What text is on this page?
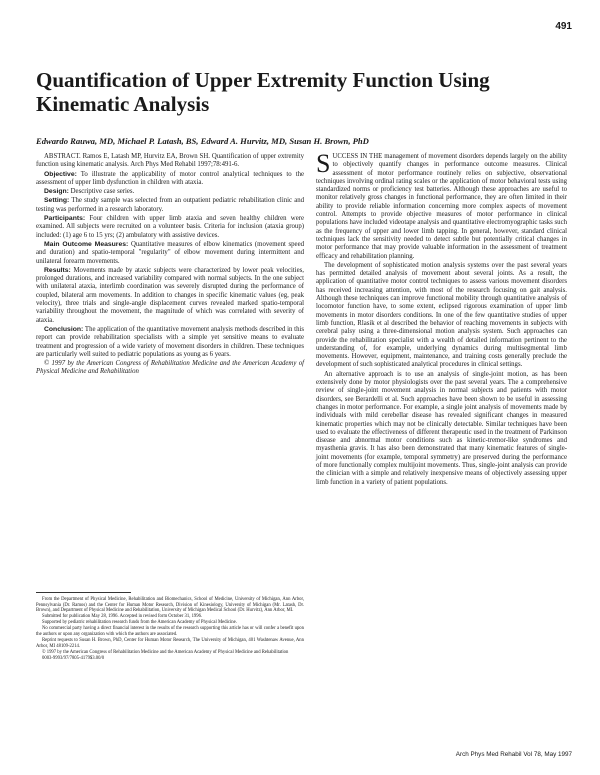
491
Quantification of Upper Extremity Function Using Kinematic Analysis
Edwardo Rauwa, MD, Michael P. Latash, BS, Edward A. Hurvitz, MD, Susan H. Brown, PhD

ABSTRACT. Ramos E, Latash MP, Hurvitz EA, Brown SH. Quantification of upper extremity function using kinematic analysis. Arch Phys Med Rehabil 1997;78:491-6.

Objective: To illustrate the applicability of motor control analytical techniques to the assessment of upper limb dysfunction in children with ataxia.

Design: Descriptive case series.

Setting: The study sample was selected from an outpatient pediatric rehabilitation clinic and testing was performed in a research laboratory.

Participants: Four children with upper limb ataxia and seven healthy children were examined. All subjects were recruited on a volunteer basis. Criteria for inclusion (ataxia group) included: (1) age 6 to 15 yrs; (2) ambulatory with assistive devices.

Main Outcome Measures: Quantitative measures of elbow kinematics (movement speed and duration) and spatio-temporal "regularity" of elbow movement during intermittent and unilateral forearm movements.

Results: Movements made by ataxic subjects were characterized by lower peak velocities, prolonged durations, and increased variability compared with normal subjects. In the one subject with unilateral ataxia, interlimb coordination was severely disrupted during the performance of coupled, bilateral arm movements. In addition to changes in specific kinematic values (eg, peak velocity), three trials and single-angle displacement curves revealed marked spatio-temporal variability throughout the movement, the magnitude of which was correlated with severity of ataxia.

Conclusion: The application of the quantitative movement analysis methods described in this report can provide rehabilitation specialists with a simple yet sensitive means to evaluate treatment and progression of a wide variety of movement disorders in children. These techniques are particularly well suited to pediatric populations as young as 6 years.

© 1997 by the American Congress of Rehabilitation Medicine and the American Academy of Physical Medicine and Rehabilitation

From the Department of Physical Medicine, Rehabilitation and Biomechanics, School of Medicine, University of Michigan, Ann Arbor, Pennsylvania (Dr. Ramos) and the Center for Human Motor Research, Division of Kinesiology, University of Michigan (Mr. Latash, Dr. Brown), and Department of Physical Medicine and Rehabilitation, University of Michigan Medical School (Dr. Hurvitz), Ann Arbor, MI.

Submitted for publication May 28, 1996. Accepted in revised form October 31, 1996.

Supported by pediatric rehabilitation research funds from the American Academy of Physical Medicine.

No commercial party having a direct financial interest in the results of the research supporting this article has or will confer a benefit upon the authors or upon any organization with which the authors are associated.

Reprint requests to Susan H. Brown, PhD, Center for Human Motor Research, The University of Michigan, 401 Washtenaw Avenue, Ann Arbor, MI 48109-2214.

© 1997 by the American Congress of Rehabilitation Medicine and the American Academy of Physical Medicine and Rehabilitation

0003-9993/97/7805-4179$3.00/0

SUCCESS IN THE management of movement disorders depends largely on the ability to objectively quantify changes in performance outcome measures. Clinical assessment of motor performance routinely relies on subjective, observational techniques involving ordinal rating scales or the application of motor behavioral tests using standardized norms or proficiency test batteries. Although these approaches are useful to monitor relatively gross changes in functional performance, they are often limited in their ability to provide reliable information concerning more complex aspects of movement control. Attempts to provide objective measures of motor performance in clinical populations have included videotape analysis and quantitative electromyographic tasks such as the frequency of upper and lower limb tapping. In general, however, standard clinical techniques lack the sensitivity needed to detect subtle but potentially critical changes in motor performance that may provide valuable information in the assessment of treatment efficacy and rehabilitation planning.

The development of sophisticated motion analysis systems over the past several years has permitted detailed analysis of movement about several joints. As a result, the application of quantitative motor control techniques to assess various movement disorders has received increasing attention, with most of the research focusing on gait analysis. Although these techniques can improve functional mobility through quantitative analysis of locomotor function have, to some extent, eclipsed rigorous examination of upper limb movements in motor disorders conditions. In one of the few quantitative studies of upper limb function, Rlasik et al described the behavior of reaching movements in subjects with cerebral palsy using a three-dimensional motion analysis system. Such approaches can provide the rehabilitation specialist with a wealth of detailed information pertinent to the understanding of, for example, underlying dynamics during multisegmental limb movements. However, equipment, maintenance, and training costs generally preclude the development of such sophisticated analytical procedures in clinical settings.

An alternative approach is to use an analysis of single-joint motion, as has been extensively done by motor physiologists over the past several years. The a comprehensive review of single-joint movement analysis in normal subjects and patients with motor disorders, see Berardelli et al. Such approaches have been shown to be useful in assessing changes in motor performance. For example, a single joint analysis of movements made by individuals with mild cerebellar disease has revealed significant changes in measured kinematic properties which may not be clinically detectable. Similar techniques have been used to evaluate the effectiveness of different therapeutic used in the treatment of Parkinson disease and abnormal motor conditions such as kinetic-tremor-like syndromes and myasthenia gravis. It has also been demonstrated that many kinematic features of single-joint movements (for example, temporal symmetry) are preserved during the performance of more functionally complex multijoint movements. Thus, single-joint analysis can provide the clinician with a simple and relatively inexpensive means of objectively assessing upper limb function in a variety of patient populations.

Arch Phys Med Rehabil Vol 78, May 1997
